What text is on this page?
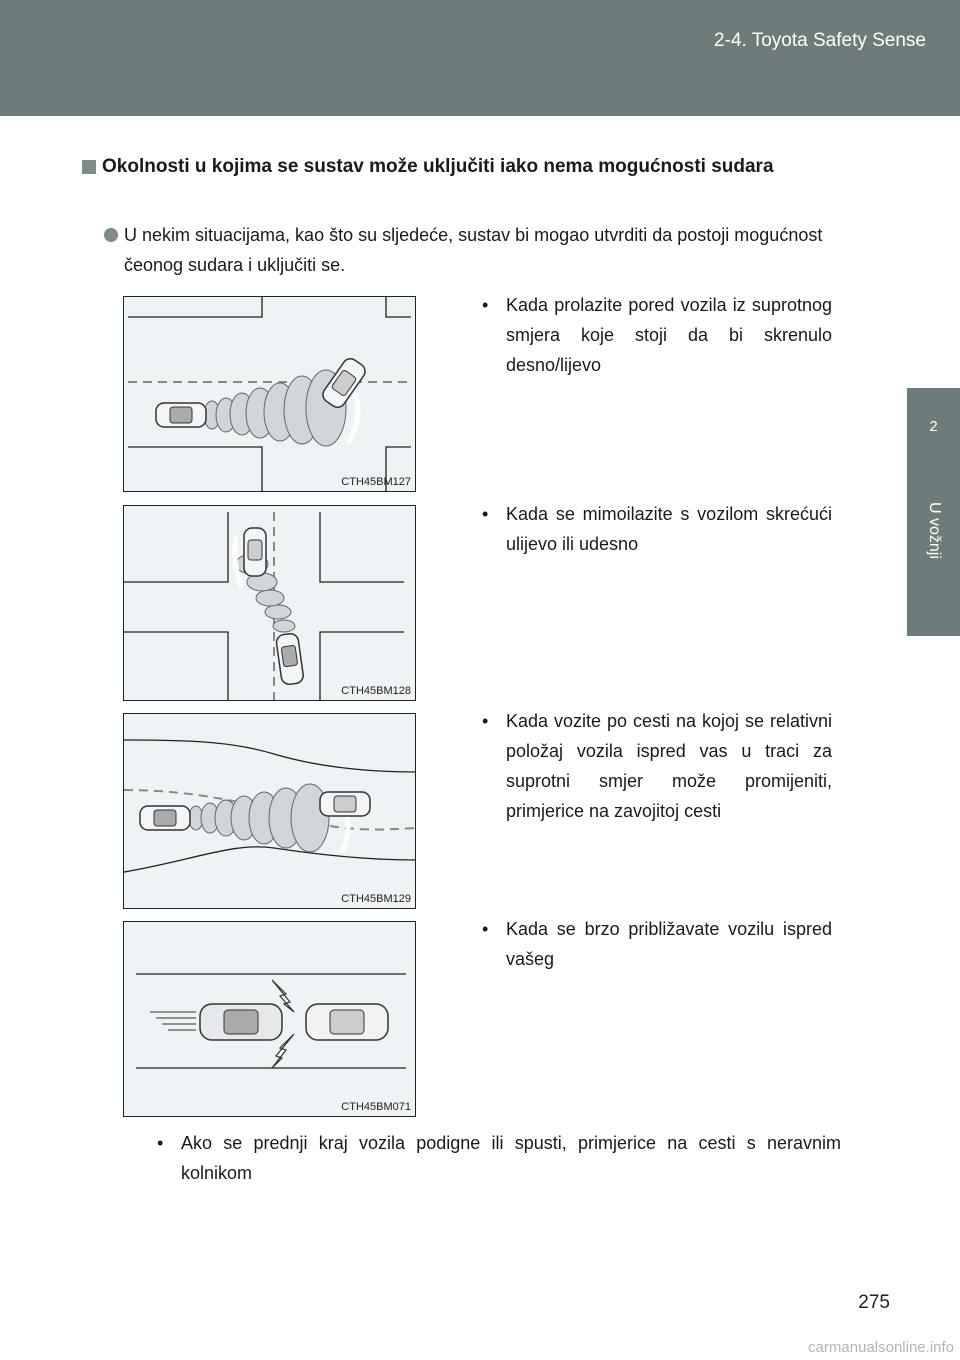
2-4. Toyota Safety Sense
2
U vožnji
Okolnosti u kojima se sustav može uključiti iako nema mogućnosti sudara
U nekim situacijama, kao što su sljedeće, sustav bi mogao utvrditi da postoji mogućnost čeonog sudara i uključiti se.
CTH45BM127
• Kada prolazite pored vozila iz suprotnog smjera koje stoji da bi skrenulo desno/lijevo
CTH45BM128
• Kada se mimoilazite s vozilom skrećući ulijevo ili udesno
CTH45BM129
• Kada vozite po cesti na kojoj se relativni položaj vozila ispred vas u traci za suprotni smjer može promijeniti, primjerice na zavojitoj cesti
CTH45BM071
• Kada se brzo približavate vozilu ispred vašeg
• Ako se prednji kraj vozila podigne ili spusti, primjerice na cesti s neravnim kolnikom
275
carmanualsonline.info
